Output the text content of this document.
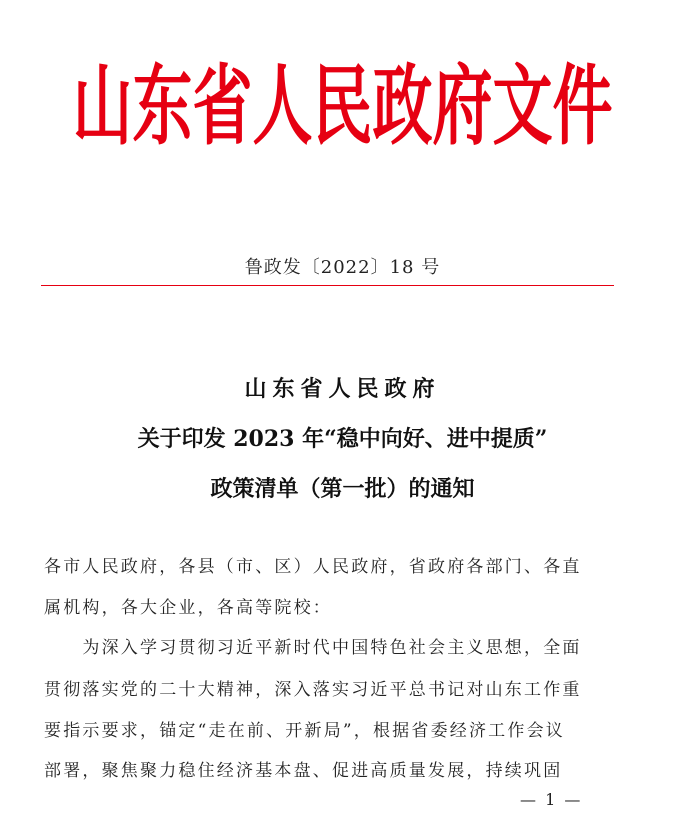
山东省人民政府文件
鲁政发〔2022〕18 号
山东省人民政府
关于印发 2023 年“稳中向好、进中提质”
政策清单（第一批）的通知
各市人民政府，各县（市、区）人民政府，省政府各部门、各直
属机构，各大企业，各高等院校：
　　为深入学习贯彻习近平新时代中国特色社会主义思想，全面
贯彻落实党的二十大精神，深入落实习近平总书记对山东工作重
要指示要求，锚定“走在前、开新局”，根据省委经济工作会议
部署，聚焦聚力稳住经济基本盘、促进高质量发展，持续巩固
— 1 —
